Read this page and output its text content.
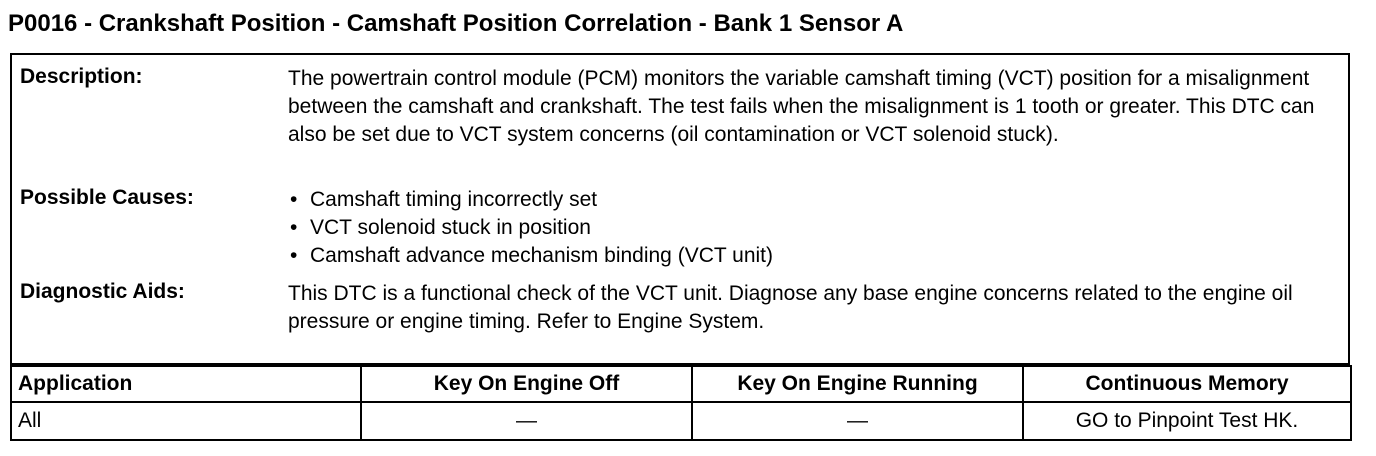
P0016 - Crankshaft Position - Camshaft Position Correlation - Bank 1 Sensor A
Description:	The powertrain control module (PCM) monitors the variable camshaft timing (VCT) position for a misalignment between the camshaft and crankshaft. The test fails when the misalignment is 1 tooth or greater. This DTC can also be set due to VCT system concerns (oil contamination or VCT solenoid stuck).

Possible Causes:	• Camshaft timing incorrectly set
• VCT solenoid stuck in position
• Camshaft advance mechanism binding (VCT unit)
Diagnostic Aids:	This DTC is a functional check of the VCT unit. Diagnose any base engine concerns related to the engine oil pressure or engine timing. Refer to Engine System.

Application	Key On Engine Off	Key On Engine Running	Continuous Memory
All	—	—	GO to Pinpoint Test HK.
